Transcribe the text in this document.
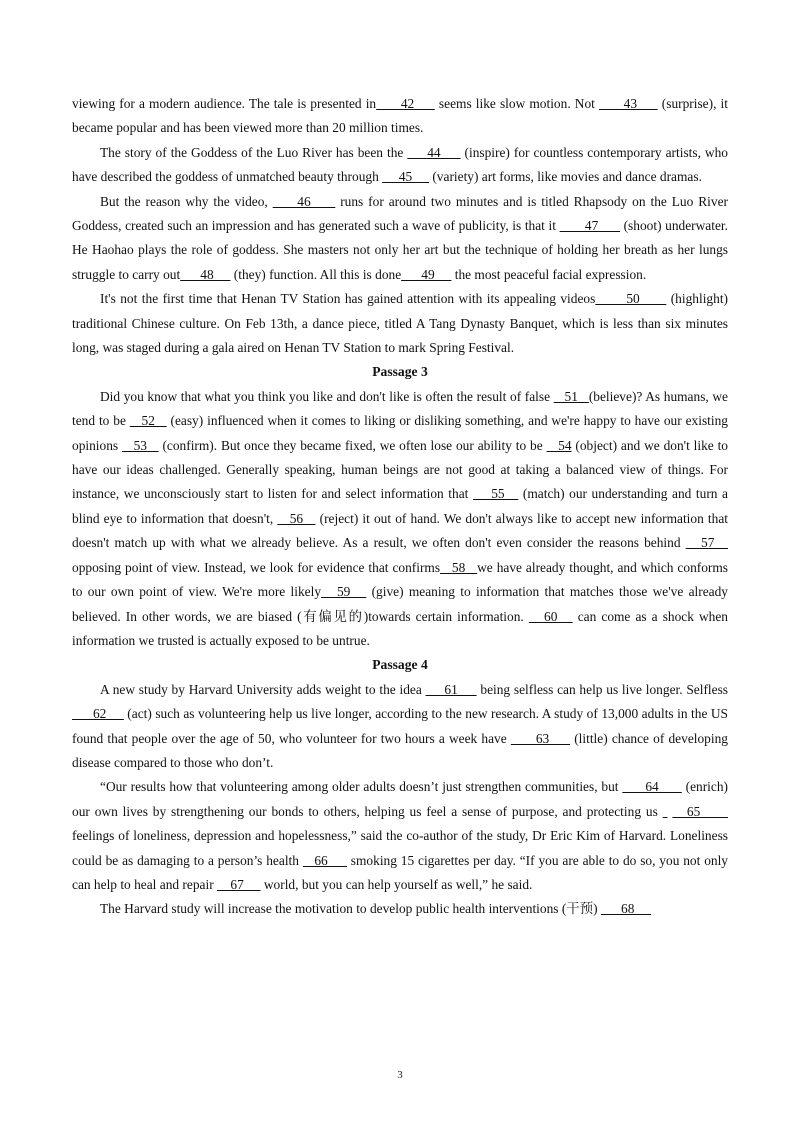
viewing for a modern audience. The tale is presented in      42      seems like slow motion. Not       43      (surprise), it became popular and has been viewed more than 20 million times.

The story of the Goddess of the Luo River has been the      44      (inspire) for countless contemporary artists, who have described the goddess of unmatched beauty through      45      (variety) art forms, like movies and dance dramas.

But the reason why the video,      46      runs for around two minutes and is titled Rhapsody on the Luo River Goddess, created such an impression and has generated such a wave of publicity, is that it        47       (shoot) underwater. He Haohao plays the role of goddess. She masters not only her art but the technique of holding her breath as her lungs struggle to carry out      48      (they) function. All this is done      49      the most peaceful facial expression.

It's not the first time that Henan TV Station has gained attention with its appealing videos       50       (highlight) traditional Chinese culture. On Feb 13th, a dance piece, titled A Tang Dynasty Banquet, which is less than six minutes long, was staged during a gala aired on Henan TV Station to mark Spring Festival.

Passage 3

Did you know that what you think you like and don't like is often the result of false    51   (believe)? As humans, we tend to be    52    (easy) influenced when it comes to liking or disliking something, and we're happy to have our existing opinions    53    (confirm). But once they became fixed, we often lose our ability to be    54 (object) and we don't like to have our ideas challenged. Generally speaking, human beings are not good at taking a balanced view of things. For instance, we unconsciously start to listen for and select information that     55    (match) our understanding and turn a blind eye to information that doesn't,    56    (reject) it out of hand. We don't always like to accept new information that doesn't match up with what we already believe. As a result, we often don't even consider the reasons behind    57    opposing point of view. Instead, we look for evidence that confirms   58   we have already thought, and which conforms to our own point of view. We're more likely   59    (give) meaning to information that matches those we've already believed. In other words, we are biased (有偏见的)towards certain information.    60    can come as a shock when information we trusted is actually exposed to be untrue.

Passage 4

A new study by Harvard University adds weight to the idea      61      being selfless can help us live longer. Selfless       62      (act) such as volunteering help us live longer, according to the new research. A study of 13,000 adults in the US found that people over the age of 50, who volunteer for two hours a week have       63      (little) chance of developing disease compared to those who don’t.

“Our results how that volunteering among older adults doesn’t just strengthen communities, but       64       (enrich) our own lives by strengthening our bonds to others, helping us feel a sense of purpose, and protecting us      65       feelings of loneliness, depression and hopelessness,” said the co-author of the study, Dr Eric Kim of Harvard. Loneliness could be as damaging to a person’s health    66      smoking 15 cigarettes per day. “If you are able to do so, you not only can help to heal and repair     67      world, but you can help yourself as well,” he said.

The Harvard study will increase the motivation to develop public health interventions (干预)       68

3
